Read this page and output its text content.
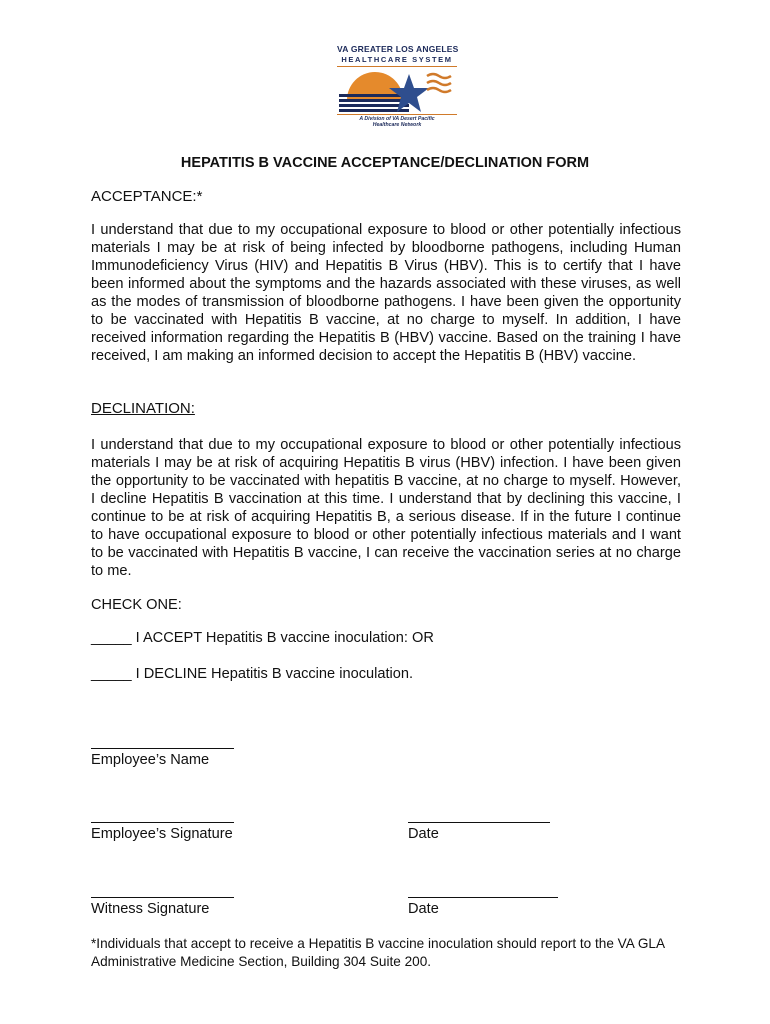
VA GREATER LOS ANGELES
HEALTHCARE SYSTEM
A Division of VA Desert Pacific
Healthcare Network
HEPATITIS B VACCINE ACCEPTANCE/DECLINATION FORM
ACCEPTANCE:*
I understand that due to my occupational exposure to blood or other potentially infectious materials I may be at risk of being infected by bloodborne pathogens, including Human Immunodeficiency Virus (HIV) and Hepatitis B Virus (HBV). This is to certify that I have been informed about the symptoms and the hazards associated with these viruses, as well as the modes of transmission of bloodborne pathogens. I have been given the opportunity to be vaccinated with Hepatitis B vaccine, at no charge to myself. In addition, I have received information regarding the Hepatitis B (HBV) vaccine. Based on the training I have received, I am making an informed decision to accept the Hepatitis B (HBV) vaccine.
DECLINATION:
I understand that due to my occupational exposure to blood or other potentially infectious materials I may be at risk of acquiring Hepatitis B virus (HBV) infection. I have been given the opportunity to be vaccinated with hepatitis B vaccine, at no charge to myself. However, I decline Hepatitis B vaccination at this time. I understand that by declining this vaccine, I continue to be at risk of acquiring Hepatitis B, a serious disease. If in the future I continue to have occupational exposure to blood or other potentially infectious materials and I want to be vaccinated with Hepatitis B vaccine, I can receive the vaccination series at no charge to me.
CHECK ONE:
_____ I ACCEPT Hepatitis B vaccine inoculation: OR
_____ I DECLINE Hepatitis B vaccine inoculation.
Employee’s Name
Employee’s Signature	Date
Witness Signature	Date
*Individuals that accept to receive a Hepatitis B vaccine inoculation should report to the VA GLA Administrative Medicine Section, Building 304 Suite 200.
